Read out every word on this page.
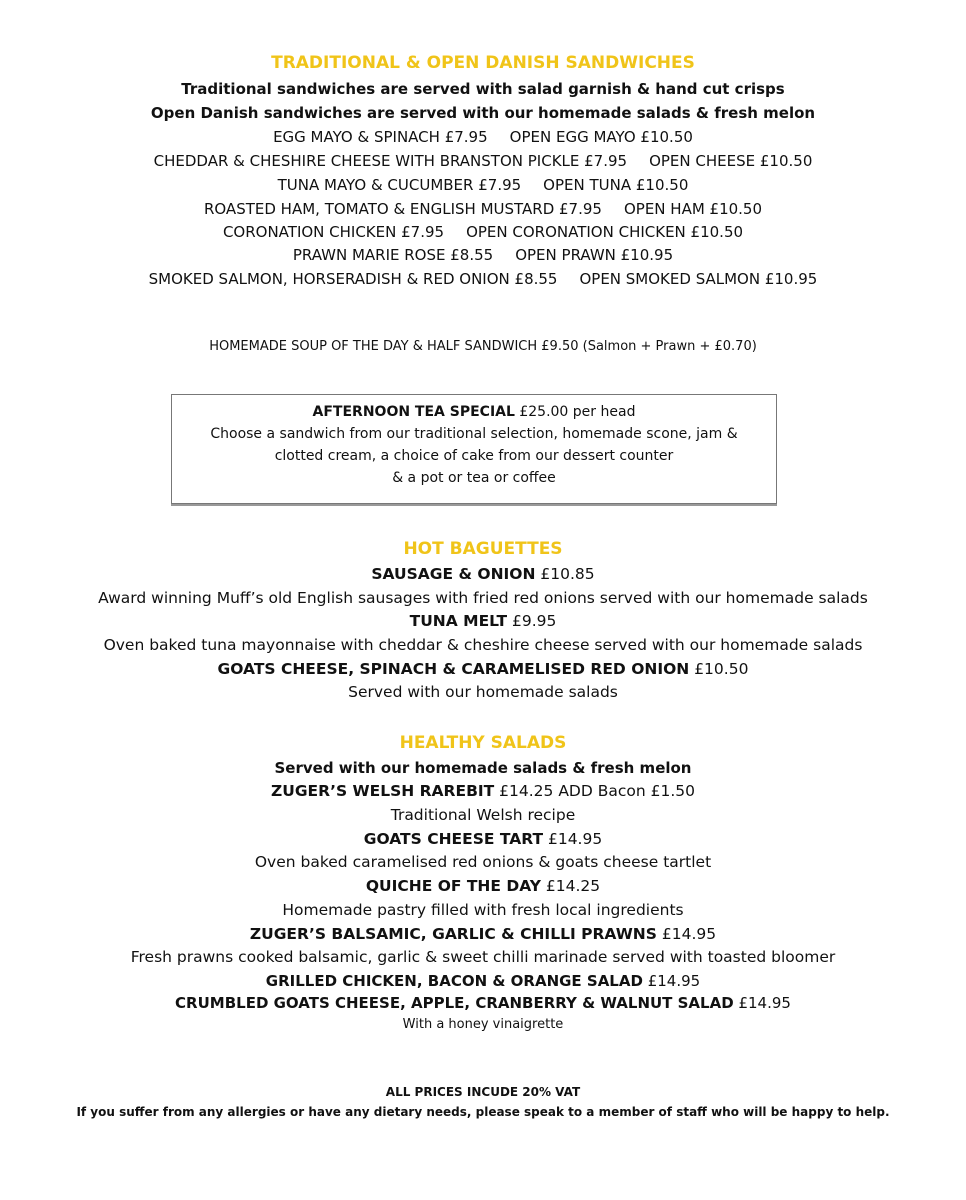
TRADITIONAL & OPEN DANISH SANDWICHES
Traditional sandwiches are served with salad garnish & hand cut crisps
Open Danish sandwiches are served with our homemade salads & fresh melon
EGG MAYO & SPINACH £7.95 OPEN EGG MAYO £10.50
CHEDDAR & CHESHIRE CHEESE WITH BRANSTON PICKLE £7.95 OPEN CHEESE £10.50
TUNA MAYO & CUCUMBER £7.95 OPEN TUNA £10.50
ROASTED HAM, TOMATO & ENGLISH MUSTARD £7.95 OPEN HAM £10.50
CORONATION CHICKEN £7.95 OPEN CORONATION CHICKEN £10.50
PRAWN MARIE ROSE £8.55 OPEN PRAWN £10.95
SMOKED SALMON, HORSERADISH & RED ONION £8.55 OPEN SMOKED SALMON £10.95
HOMEMADE SOUP OF THE DAY & HALF SANDWICH £9.50 (Salmon + Prawn + £0.70)
AFTERNOON TEA SPECIAL £25.00 per head
Choose a sandwich from our traditional selection, homemade scone, jam &
clotted cream, a choice of cake from our dessert counter
& a pot or tea or coffee
HOT BAGUETTES
SAUSAGE & ONION £10.85
Award winning Muff’s old English sausages with fried red onions served with our homemade salads
TUNA MELT £9.95
Oven baked tuna mayonnaise with cheddar & cheshire cheese served with our homemade salads
GOATS CHEESE, SPINACH & CARAMELISED RED ONION £10.50
Served with our homemade salads
HEALTHY SALADS
Served with our homemade salads & fresh melon
ZUGER’S WELSH RAREBIT £14.25 ADD Bacon £1.50
Traditional Welsh recipe
GOATS CHEESE TART £14.95
Oven baked caramelised red onions & goats cheese tartlet
QUICHE OF THE DAY £14.25
Homemade pastry filled with fresh local ingredients
ZUGER’S BALSAMIC, GARLIC & CHILLI PRAWNS £14.95
Fresh prawns cooked balsamic, garlic & sweet chilli marinade served with toasted bloomer
GRILLED CHICKEN, BACON & ORANGE SALAD £14.95
CRUMBLED GOATS CHEESE, APPLE, CRANBERRY & WALNUT SALAD £14.95
With a honey vinaigrette
ALL PRICES INCUDE 20% VAT
If you suffer from any allergies or have any dietary needs, please speak to a member of staff who will be happy to help.
